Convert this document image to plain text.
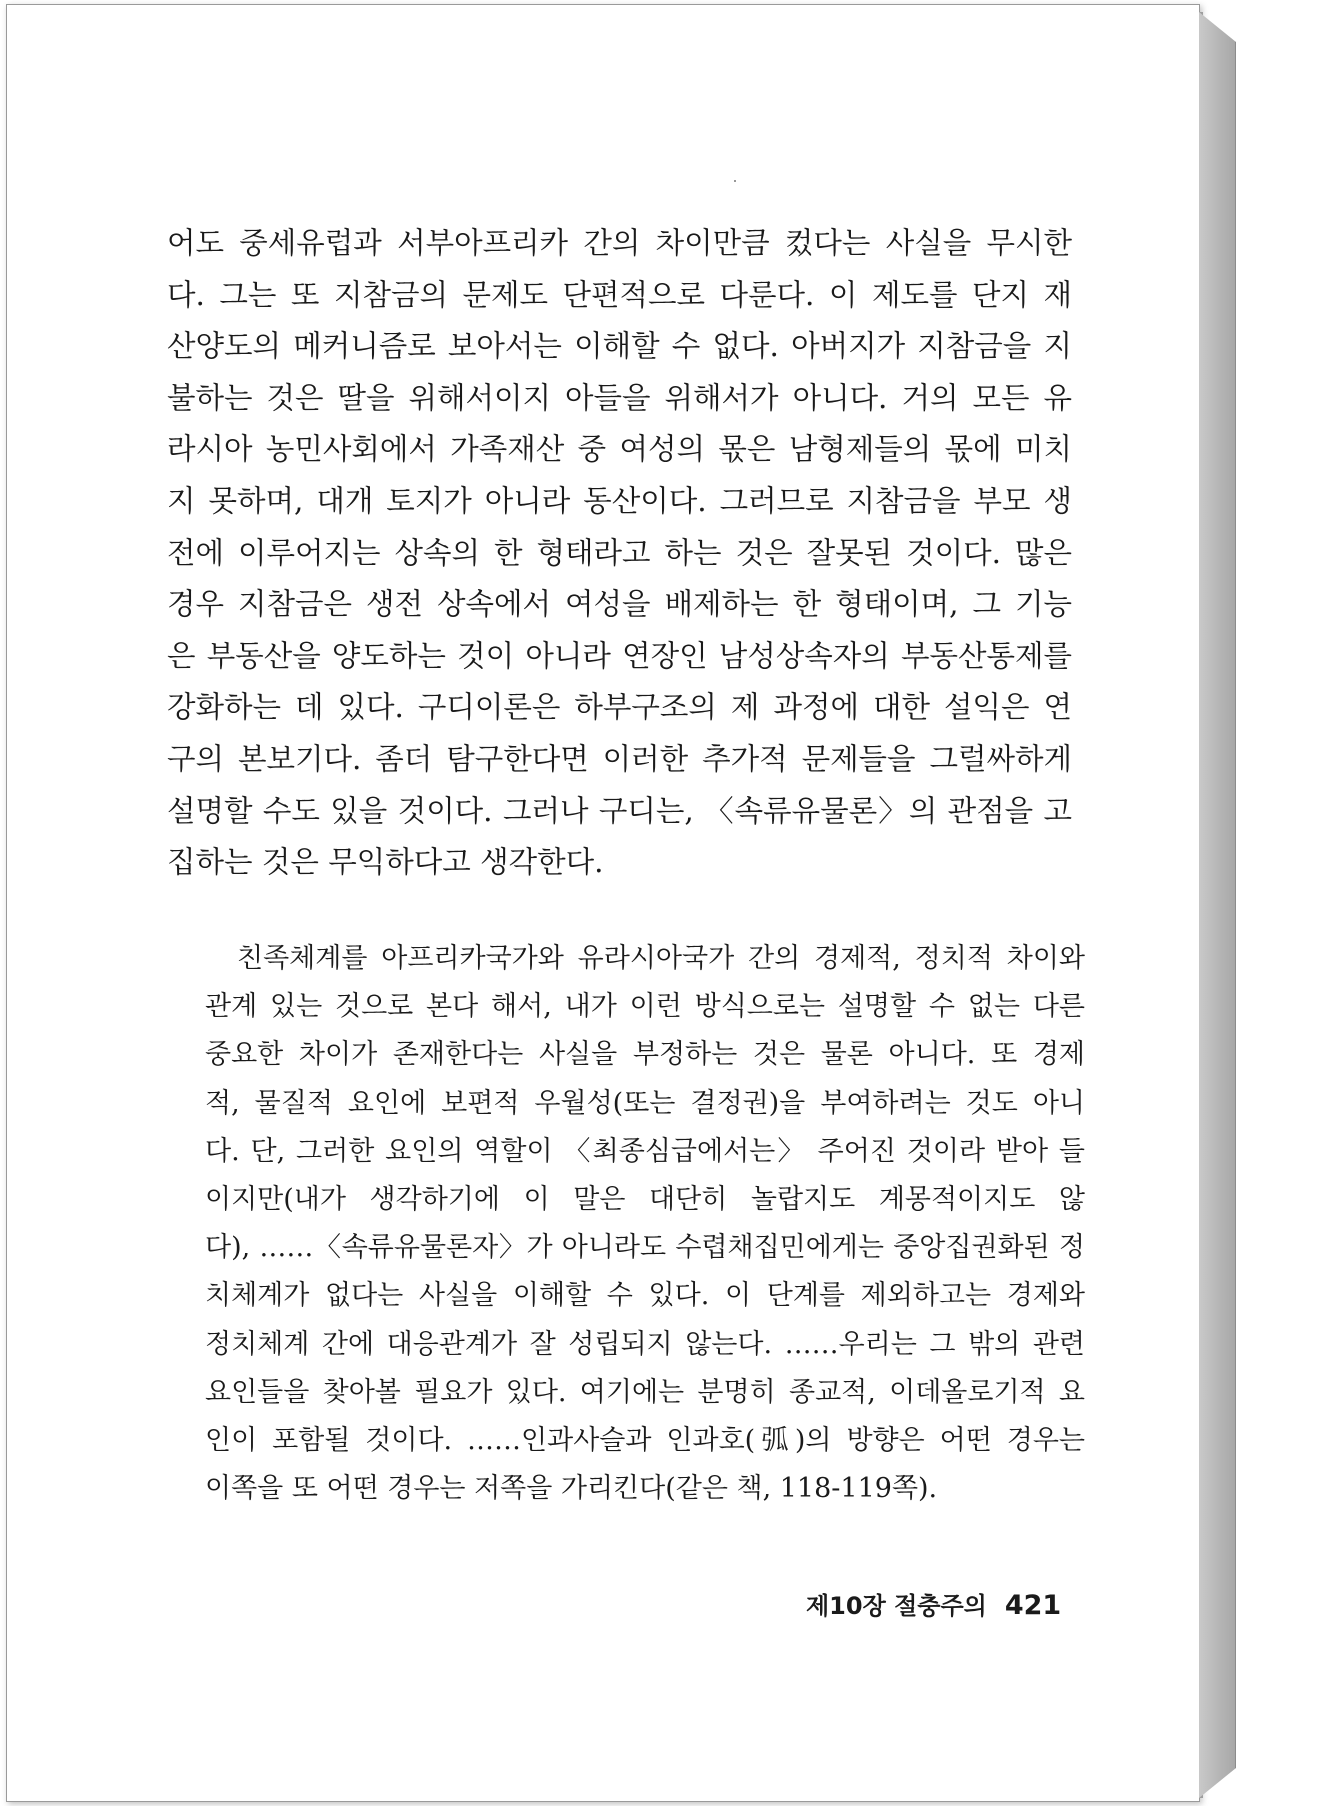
어도 중세유럽과 서부아프리카 간의 차이만큼 컸다는 사실을 무시한
다. 그는 또 지참금의 문제도 단편적으로 다룬다. 이 제도를 단지 재
산양도의 메커니즘로 보아서는 이해할 수 없다. 아버지가 지참금을 지
불하는 것은 딸을 위해서이지 아들을 위해서가 아니다. 거의 모든 유
라시아 농민사회에서 가족재산 중 여성의 몫은 남형제들의 몫에 미치
지 못하며, 대개 토지가 아니라 동산이다. 그러므로 지참금을 부모 생
전에 이루어지는 상속의 한 형태라고 하는 것은 잘못된 것이다. 많은
경우 지참금은 생전 상속에서 여성을 배제하는 한 형태이며, 그 기능
은 부동산을 양도하는 것이 아니라 연장인 남성상속자의 부동산통제를
강화하는 데 있다. 구디이론은 하부구조의 제 과정에 대한 설익은 연
구의 본보기다. 좀더 탐구한다면 이러한 추가적 문제들을 그럴싸하게
설명할 수도 있을 것이다. 그러나 구디는, 〈속류유물론〉의 관점을 고
집하는 것은 무익하다고 생각한다.
친족체계를 아프리카국가와 유라시아국가 간의 경제적, 정치적 차이와
관계 있는 것으로 본다 해서, 내가 이런 방식으로는 설명할 수 없는 다른
중요한 차이가 존재한다는 사실을 부정하는 것은 물론 아니다. 또 경제
적, 물질적 요인에 보편적 우월성(또는 결정권)을 부여하려는 것도 아니
다. 단, 그러한 요인의 역할이 〈최종심급에서는〉 주어진 것이라 받아 들
이지만(내가 생각하기에 이 말은 대단히 놀랍지도 계몽적이지도 않
다), ……〈속류유물론자〉가 아니라도 수렵채집민에게는 중앙집권화된 정
치체계가 없다는 사실을 이해할 수 있다. 이 단계를 제외하고는 경제와
정치체계 간에 대응관계가 잘 성립되지 않는다. ……우리는 그 밖의 관련
요인들을 찾아볼 필요가 있다. 여기에는 분명히 종교적, 이데올로기적 요
인이 포함될 것이다. ……인과사슬과 인과호(弧)의 방향은 어떤 경우는
이쪽을 또 어떤 경우는 저쪽을 가리킨다(같은 책, 118-119쪽).
제10장 절충주의 421
